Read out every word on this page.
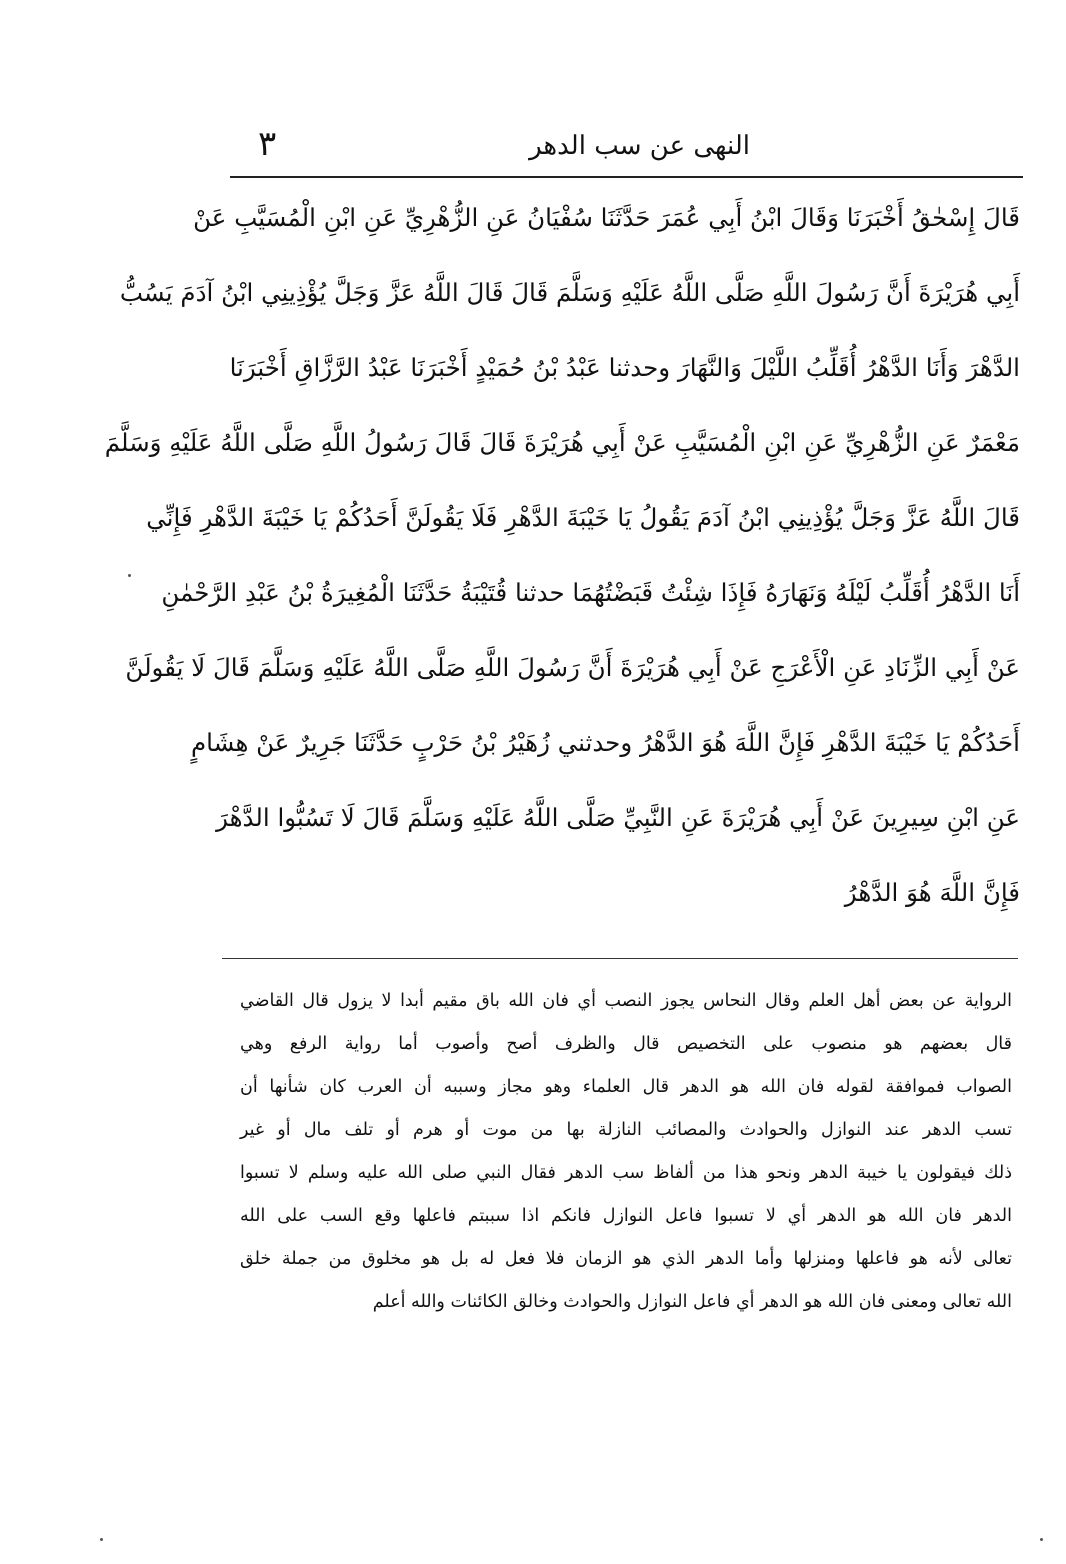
النهى عن سب الدهر
٣
قَالَ إِسْحٰقُ أَخْبَرَنَا وَقَالَ ابْنُ أَبِي عُمَرَ حَدَّثَنَا سُفْيَانُ عَنِ الزُّهْرِيِّ عَنِ ابْنِ الْمُسَيَّبِ عَنْ
أَبِي هُرَيْرَةَ أَنَّ رَسُولَ اللَّهِ صَلَّى اللَّهُ عَلَيْهِ وَسَلَّمَ قَالَ قَالَ اللَّهُ عَزَّ وَجَلَّ يُؤْذِينِي ابْنُ آدَمَ يَسُبُّ
الدَّهْرَ وَأَنَا الدَّهْرُ أُقَلِّبُ اللَّيْلَ وَالنَّهَارَ وحدثنا عَبْدُ بْنُ حُمَيْدٍ أَخْبَرَنَا عَبْدُ الرَّزَّاقِ أَخْبَرَنَا
مَعْمَرٌ عَنِ الزُّهْرِيِّ عَنِ ابْنِ الْمُسَيَّبِ عَنْ أَبِي هُرَيْرَةَ قَالَ قَالَ رَسُولُ اللَّهِ صَلَّى اللَّهُ عَلَيْهِ وَسَلَّمَ
قَالَ اللَّهُ عَزَّ وَجَلَّ يُؤْذِينِي ابْنُ آدَمَ يَقُولُ يَا خَيْبَةَ الدَّهْرِ فَلَا يَقُولَنَّ أَحَدُكُمْ يَا خَيْبَةَ الدَّهْرِ فَإِنِّي
أَنَا الدَّهْرُ أُقَلِّبُ لَيْلَهُ وَنَهَارَهُ فَإِذَا شِئْتُ قَبَضْتُهُمَا حدثنا قُتَيْبَةُ حَدَّثَنَا الْمُغِيرَةُ بْنُ عَبْدِ الرَّحْمٰنِ
عَنْ أَبِي الزِّنَادِ عَنِ الْأَعْرَجِ عَنْ أَبِي هُرَيْرَةَ أَنَّ رَسُولَ اللَّهِ صَلَّى اللَّهُ عَلَيْهِ وَسَلَّمَ قَالَ لَا يَقُولَنَّ
أَحَدُكُمْ يَا خَيْبَةَ الدَّهْرِ فَإِنَّ اللَّهَ هُوَ الدَّهْرُ وحدثني زُهَيْرُ بْنُ حَرْبٍ حَدَّثَنَا جَرِيرٌ عَنْ هِشَامٍ
عَنِ ابْنِ سِيرِينَ عَنْ أَبِي هُرَيْرَةَ عَنِ النَّبِيِّ صَلَّى اللَّهُ عَلَيْهِ وَسَلَّمَ قَالَ لَا تَسُبُّوا الدَّهْرَ
فَإِنَّ اللَّهَ هُوَ الدَّهْرُ
الرواية عن بعض أهل العلم وقال النحاس يجوز النصب أي فان الله باق مقيم أبدا لا يزول قال القاضي
قال بعضهم هو منصوب على التخصيص قال والظرف أصح وأصوب أما رواية الرفع وهي
الصواب فموافقة لقوله فان الله هو الدهر قال العلماء وهو مجاز وسببه أن العرب كان شأنها أن
تسب الدهر عند النوازل والحوادث والمصائب النازلة بها من موت أو هرم أو تلف مال أو غير
ذلك فيقولون يا خيبة الدهر ونحو هذا من ألفاظ سب الدهر فقال النبي صلى الله عليه وسلم لا تسبوا
الدهر فان الله هو الدهر أي لا تسبوا فاعل النوازل فانكم اذا سببتم فاعلها وقع السب على الله
تعالى لأنه هو فاعلها ومنزلها وأما الدهر الذي هو الزمان فلا فعل له بل هو مخلوق من جملة خلق
الله تعالى ومعنى فان الله هو الدهر أي فاعل النوازل والحوادث وخالق الكائنات والله أعلم
